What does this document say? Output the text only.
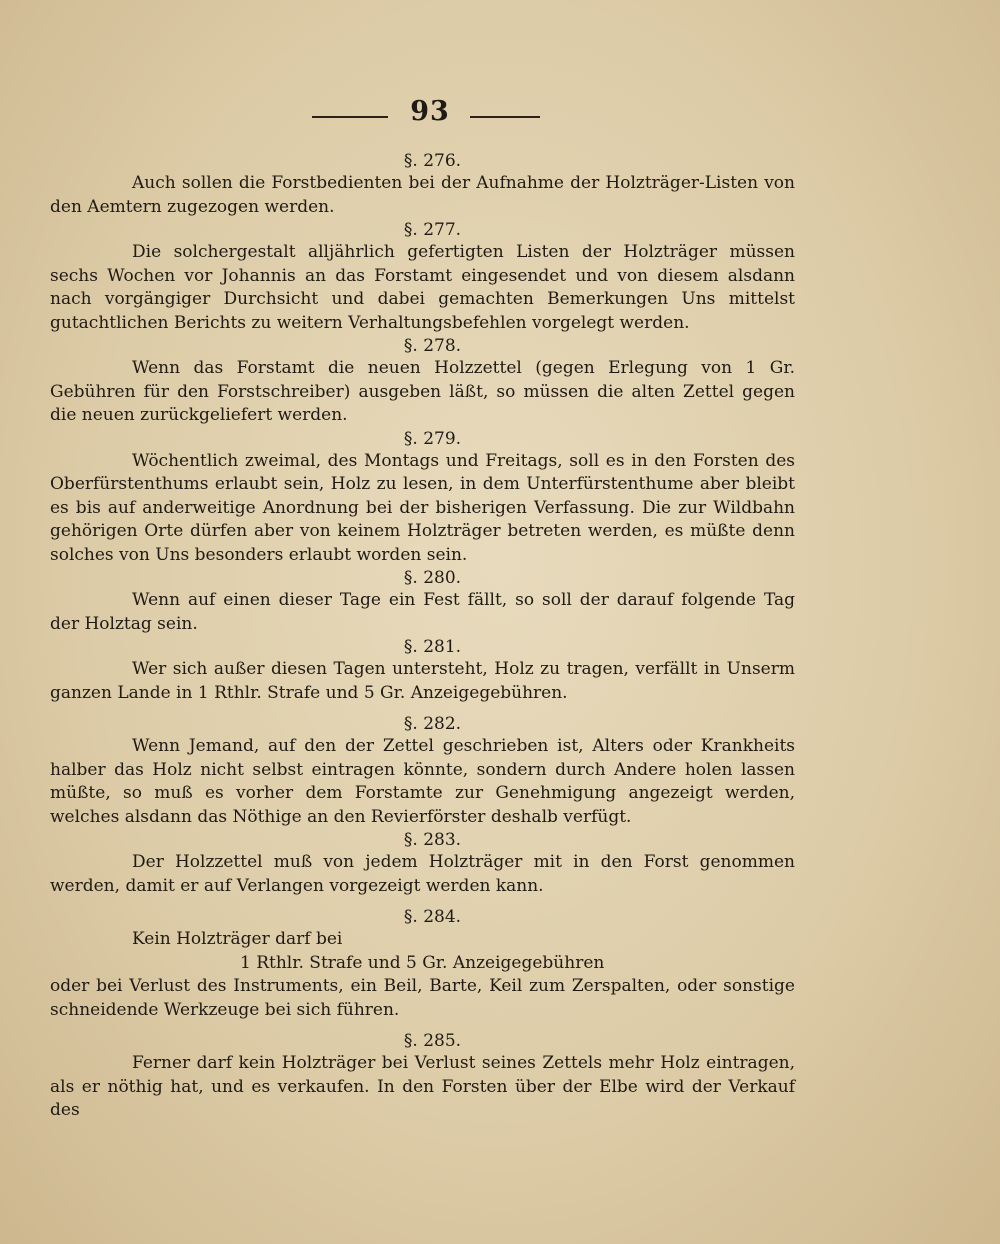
93

§. 276.

Auch sollen die Forstbedienten bei der Aufnahme der Holzträger-Listen von den Aemtern zugezogen werden.

§. 277.

Die solchergestalt alljährlich gefertigten Listen der Holzträger müssen sechs Wochen vor Johannis an das Forstamt eingesendet und von diesem alsdann nach vorgängiger Durchsicht und dabei gemachten Bemerkungen Uns mittelst gutachtlichen Berichts zu weitern Verhaltungsbefehlen vorgelegt werden.

§. 278.

Wenn das Forstamt die neuen Holzzettel (gegen Erlegung von 1 Gr. Gebühren für den Forstschreiber) ausgeben läßt, so müssen die alten Zettel gegen die neuen zurückgeliefert werden.

§. 279.

Wöchentlich zweimal, des Montags und Freitags, soll es in den Forsten des Oberfürstenthums erlaubt sein, Holz zu lesen, in dem Unterfürstenthume aber bleibt es bis auf anderweitige Anordnung bei der bisherigen Verfassung. Die zur Wildbahn gehörigen Orte dürfen aber von keinem Holzträger betreten werden, es müßte denn solches von Uns besonders erlaubt worden sein.

§. 280.

Wenn auf einen dieser Tage ein Fest fällt, so soll der darauf folgende Tag der Holztag sein.

§. 281.

Wer sich außer diesen Tagen untersteht, Holz zu tragen, verfällt in Unserm ganzen Lande in 1 Rthlr. Strafe und 5 Gr. Anzeigegebühren.

§. 282.

Wenn Jemand, auf den der Zettel geschrieben ist, Alters oder Krankheits halber das Holz nicht selbst eintragen könnte, sondern durch Andere holen lassen müßte, so muß es vorher dem Forstamte zur Genehmigung angezeigt werden, welches alsdann das Nöthige an den Revierförster deshalb verfügt.

§. 283.

Der Holzzettel muß von jedem Holzträger mit in den Forst genommen werden, damit er auf Verlangen vorgezeigt werden kann.

§. 284.

Kein Holzträger darf bei

1 Rthlr. Strafe und 5 Gr. Anzeigegebühren

oder bei Verlust des Instruments, ein Beil, Barte, Keil zum Zerspalten, oder sonstige schneidende Werkzeuge bei sich führen.

§. 285.

Ferner darf kein Holzträger bei Verlust seines Zettels mehr Holz eintragen, als er nöthig hat, und es verkaufen. In den Forsten über der Elbe wird der Verkauf des
